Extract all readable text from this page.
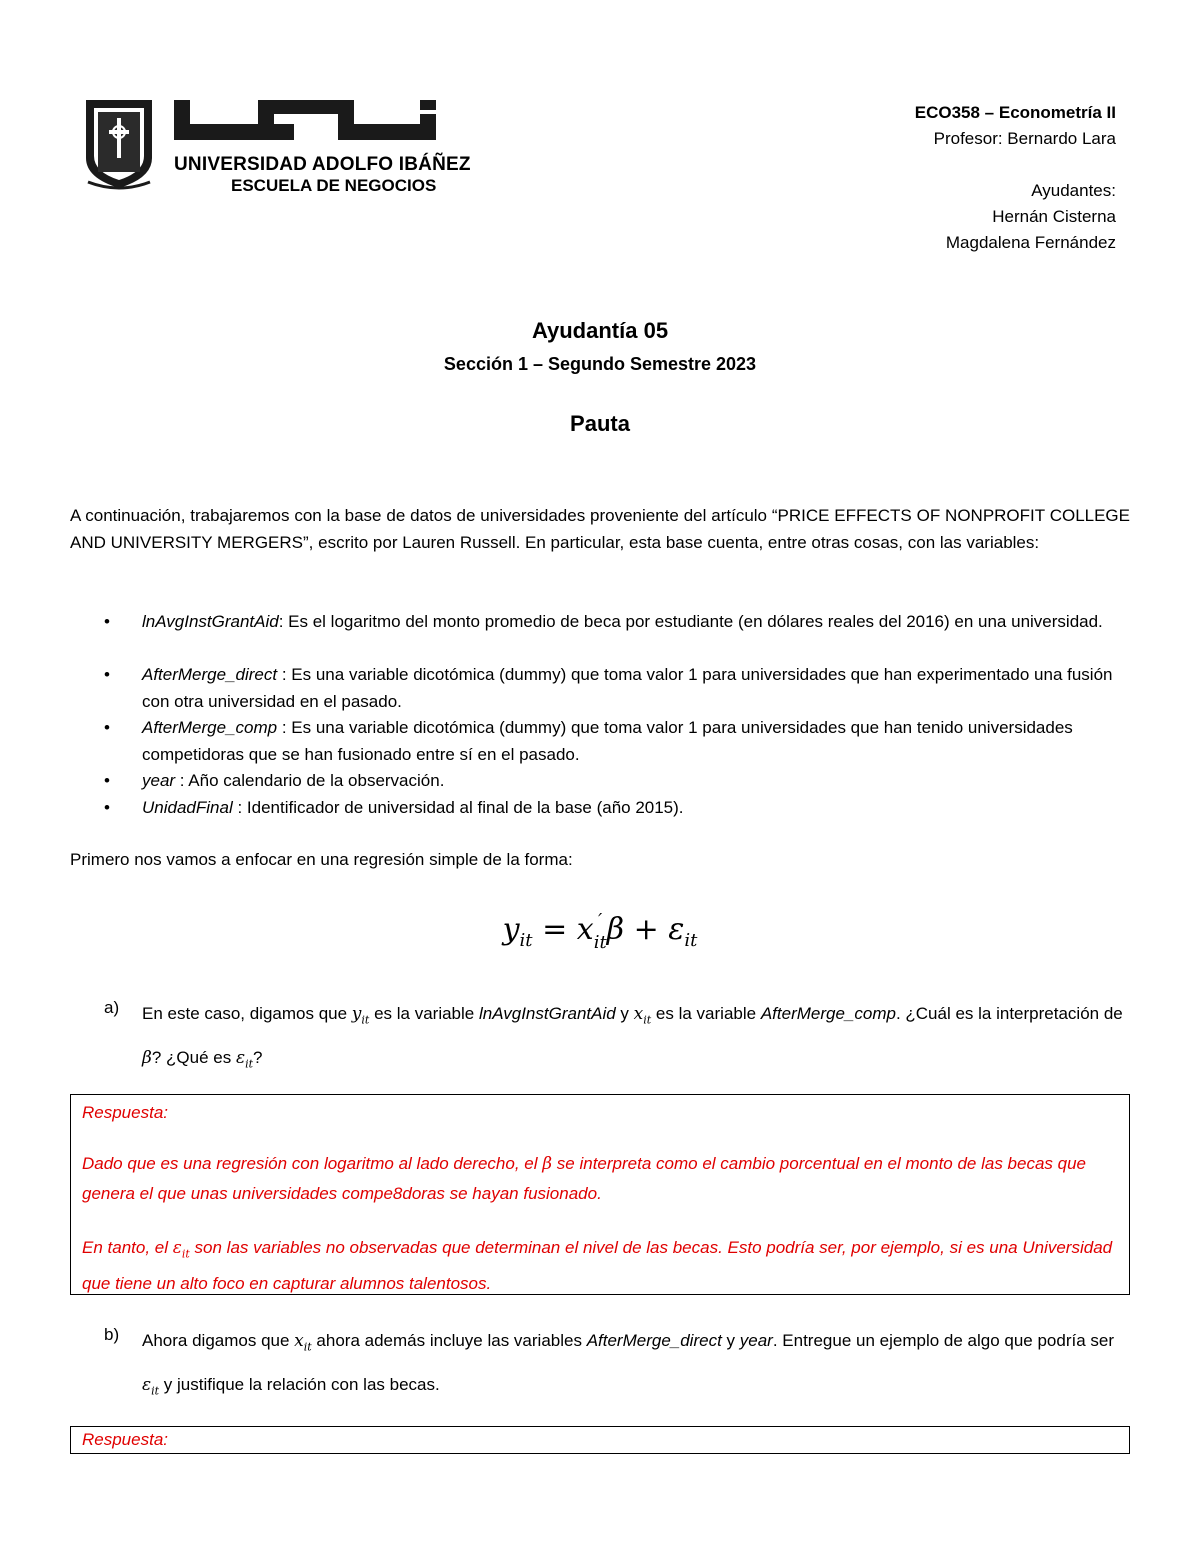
UNIVERSIDAD ADOLFO IBÁÑEZ
ESCUELA DE NEGOCIOS
ECO358 – Econometría II
Profesor: Bernardo Lara
Ayudantes:
Hernán Cisterna
Magdalena Fernández
Ayudantía 05
Sección 1 – Segundo Semestre 2023
Pauta
A continuación, trabajaremos con la base de datos de universidades proveniente del artículo “PRICE EFFECTS OF NONPROFIT COLLEGE AND UNIVERSITY MERGERS”, escrito por Lauren Russell. En particular, esta base cuenta, entre otras cosas, con las variables:
• lnAvgInstGrantAid: Es el logaritmo del monto promedio de beca por estudiante (en dólares reales del 2016) en una universidad.
• AfterMerge_direct : Es una variable dicotómica (dummy) que toma valor 1 para universidades que han experimentado una fusión con otra universidad en el pasado.
• AfterMerge_comp : Es una variable dicotómica (dummy) que toma valor 1 para universidades que han tenido universidades competidoras que se han fusionado entre sí en el pasado.
• year : Año calendario de la observación.
• UnidadFinal : Identificador de universidad al final de la base (año 2015).
Primero nos vamos a enfocar en una regresión simple de la forma:
$y_{it} = x$ ′
it $\beta + \varepsilon_{it}$
a) En este caso, digamos que $y_{it}$ es la variable lnAvgInstGrantAid y $x_{it}$ es la variable AfterMerge_comp. ¿Cuál es la interpretación de β? ¿Qué es $\varepsilon_{it}$?
Respuesta:
Dado que es una regresión con logaritmo al lado derecho, el β se interpreta como el cambio porcentual en el monto de las becas que genera el que unas universidades compe8doras se hayan fusionado.
En tanto, el $\varepsilon_{it}$ son las variables no observadas que determinan el nivel de las becas. Esto podría ser, por ejemplo, si es una Universidad que tiene un alto foco en capturar alumnos talentosos.
b) Ahora digamos que $x_{it}$ ahora además incluye las variables AfterMerge_direct y year. Entregue un ejemplo de algo que podría ser $\varepsilon_{it}$ y justifique la relación con las becas.
Respuesta:
